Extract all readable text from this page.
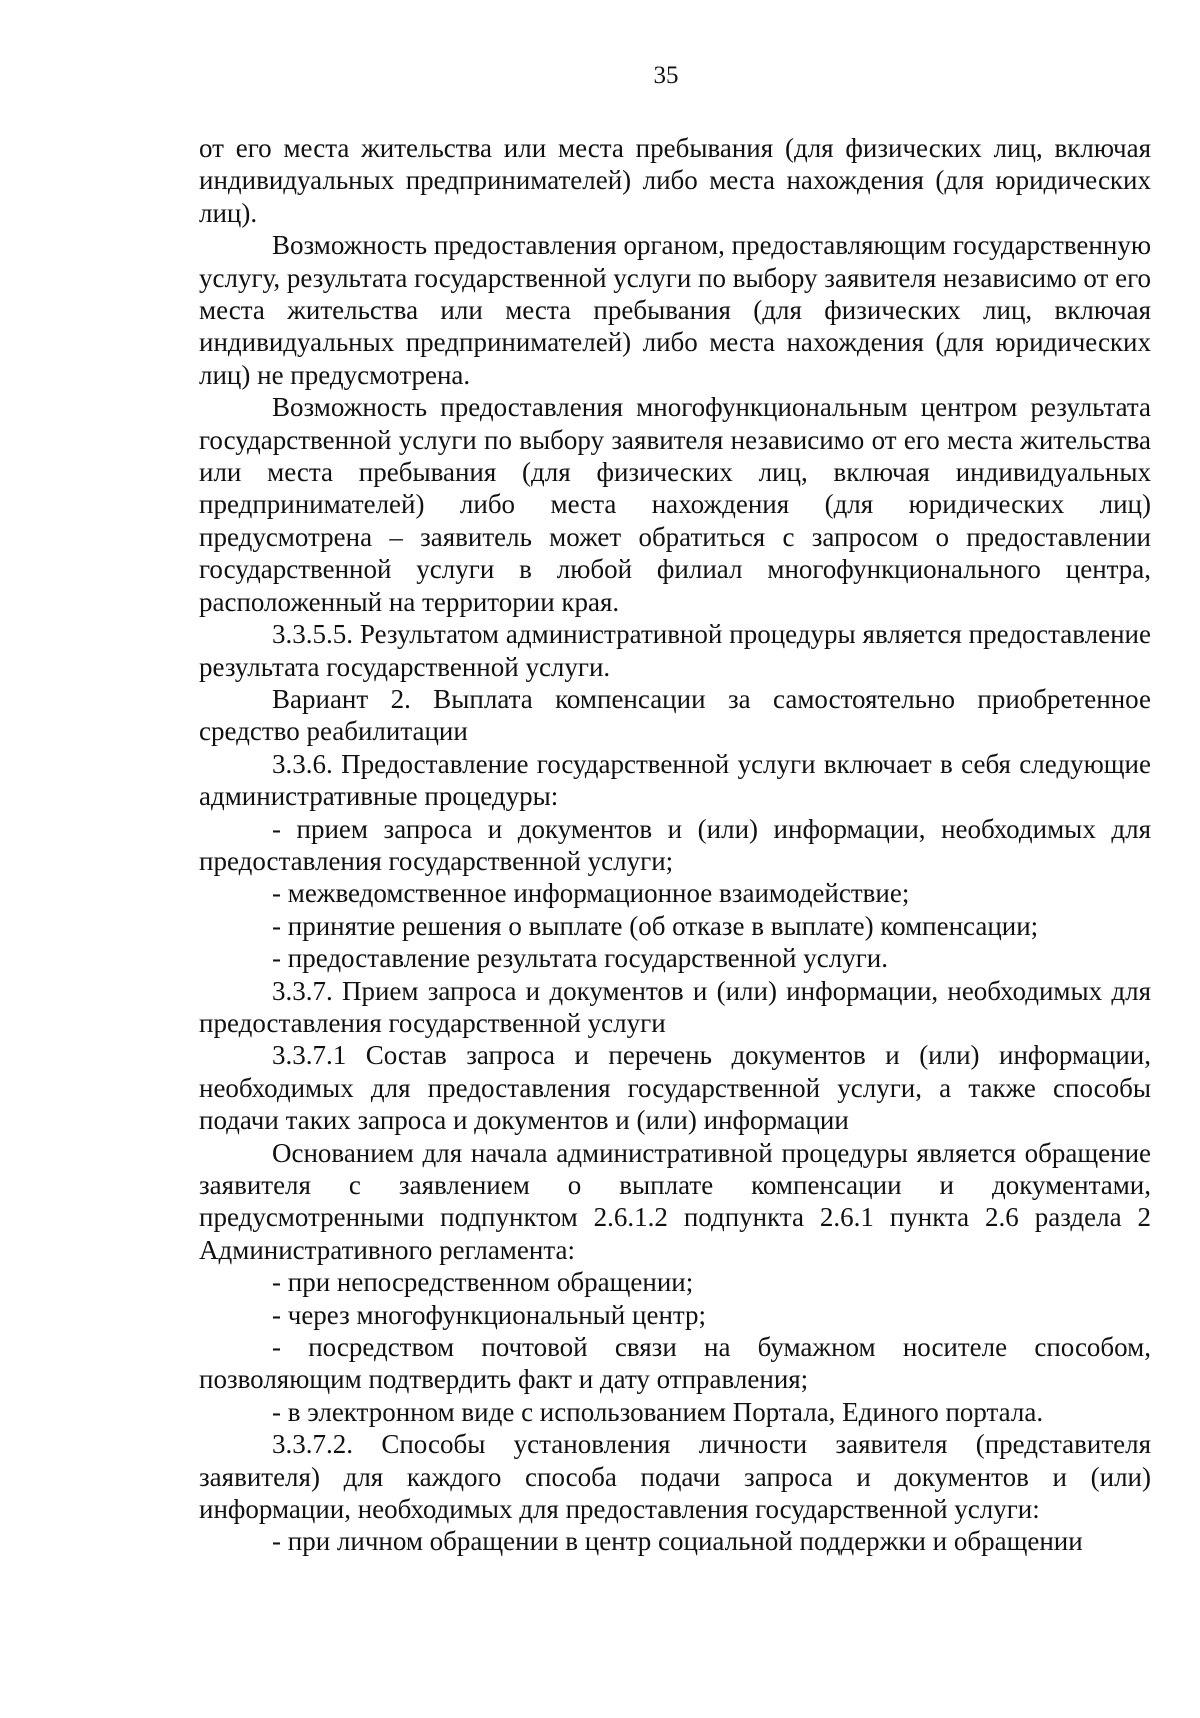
35

от его места жительства или места пребывания (для физических лиц, включая индивидуальных предпринимателей) либо места нахождения (для юридических лиц).

Возможность предоставления органом, предоставляющим государственную услугу, результата государственной услуги по выбору заявителя независимо от его места жительства или места пребывания (для физических лиц, включая индивидуальных предпринимателей) либо места нахождения (для юридических лиц) не предусмотрена.

Возможность предоставления многофункциональным центром результата государственной услуги по выбору заявителя независимо от его места жительства или места пребывания (для физических лиц, включая индивидуальных предпринимателей) либо места нахождения (для юридических лиц) предусмотрена – заявитель может обратиться с запросом о предоставлении государственной услуги в любой филиал многофункционального центра, расположенный на территории края.

3.3.5.5. Результатом административной процедуры является предоставление результата государственной услуги.

Вариант 2. Выплата компенсации за самостоятельно приобретенное средство реабилитации

3.3.6. Предоставление государственной услуги включает в себя следующие административные процедуры:

- прием запроса и документов и (или) информации, необходимых для предоставления государственной услуги;

- межведомственное информационное взаимодействие;

- принятие решения о выплате (об отказе в выплате) компенсации;

- предоставление результата государственной услуги.

3.3.7. Прием запроса и документов и (или) информации, необходимых для предоставления государственной услуги

3.3.7.1 Состав запроса и перечень документов и (или) информации, необходимых для предоставления государственной услуги, а также способы подачи таких запроса и документов и (или) информации

Основанием для начала административной процедуры является обращение заявителя с заявлением о выплате компенсации и документами, предусмотренными подпунктом 2.6.1.2 подпункта 2.6.1 пункта 2.6 раздела 2 Административного регламента:

- при непосредственном обращении;

- через многофункциональный центр;

- посредством почтовой связи на бумажном носителе способом, позволяющим подтвердить факт и дату отправления;

- в электронном виде с использованием Портала, Единого портала.

3.3.7.2. Способы установления личности заявителя (представителя заявителя) для каждого способа подачи запроса и документов и (или) информации, необходимых для предоставления государственной услуги:

- при личном обращении в центр социальной поддержки и обращении
